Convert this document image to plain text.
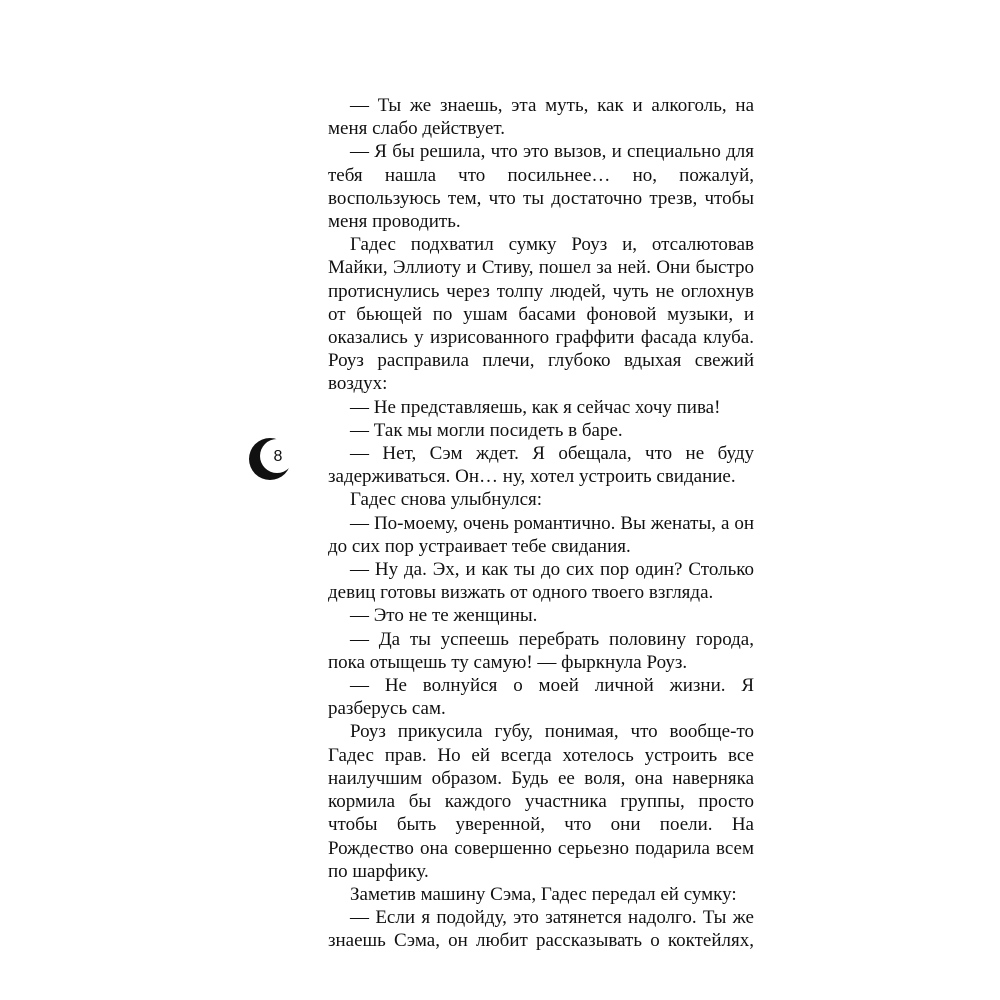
8

— Ты же знаешь, эта муть, как и алкоголь, на меня слабо действует.

— Я бы решила, что это вызов, и специально для тебя нашла что посильнее… но, пожалуй, воспользуюсь тем, что ты достаточно трезв, чтобы меня проводить.

Гадес подхватил сумку Роуз и, отсалютовав Майки, Эллиоту и Стиву, пошел за ней. Они быстро протиснулись через толпу людей, чуть не оглохнув от бьющей по ушам басами фоновой музыки, и оказались у изрисованного граффити фасада клуба. Роуз расправила плечи, глубоко вдыхая свежий воздух:

— Не представляешь, как я сейчас хочу пива!

— Так мы могли посидеть в баре.

— Нет, Сэм ждет. Я обещала, что не буду задерживаться. Он… ну, хотел устроить свидание.

Гадес снова улыбнулся:

— По-моему, очень романтично. Вы женаты, а он до сих пор устраивает тебе свидания.

— Ну да. Эх, и как ты до сих пор один? Столько девиц готовы визжать от одного твоего взгляда.

— Это не те женщины.

— Да ты успеешь перебрать половину города, пока отыщешь ту самую! — фыркнула Роуз.

— Не волнуйся о моей личной жизни. Я разберусь сам.

Роуз прикусила губу, понимая, что вообще-то Гадес прав. Но ей всегда хотелось устроить все наилучшим образом. Будь ее воля, она наверняка кормила бы каждого участника группы, просто чтобы быть уверенной, что они поели. На Рождество она совершенно серьезно подарила всем по шарфику.

Заметив машину Сэма, Гадес передал ей сумку:

— Если я подойду, это затянется надолго. Ты же знаешь Сэма, он любит рассказывать о коктейлях,
